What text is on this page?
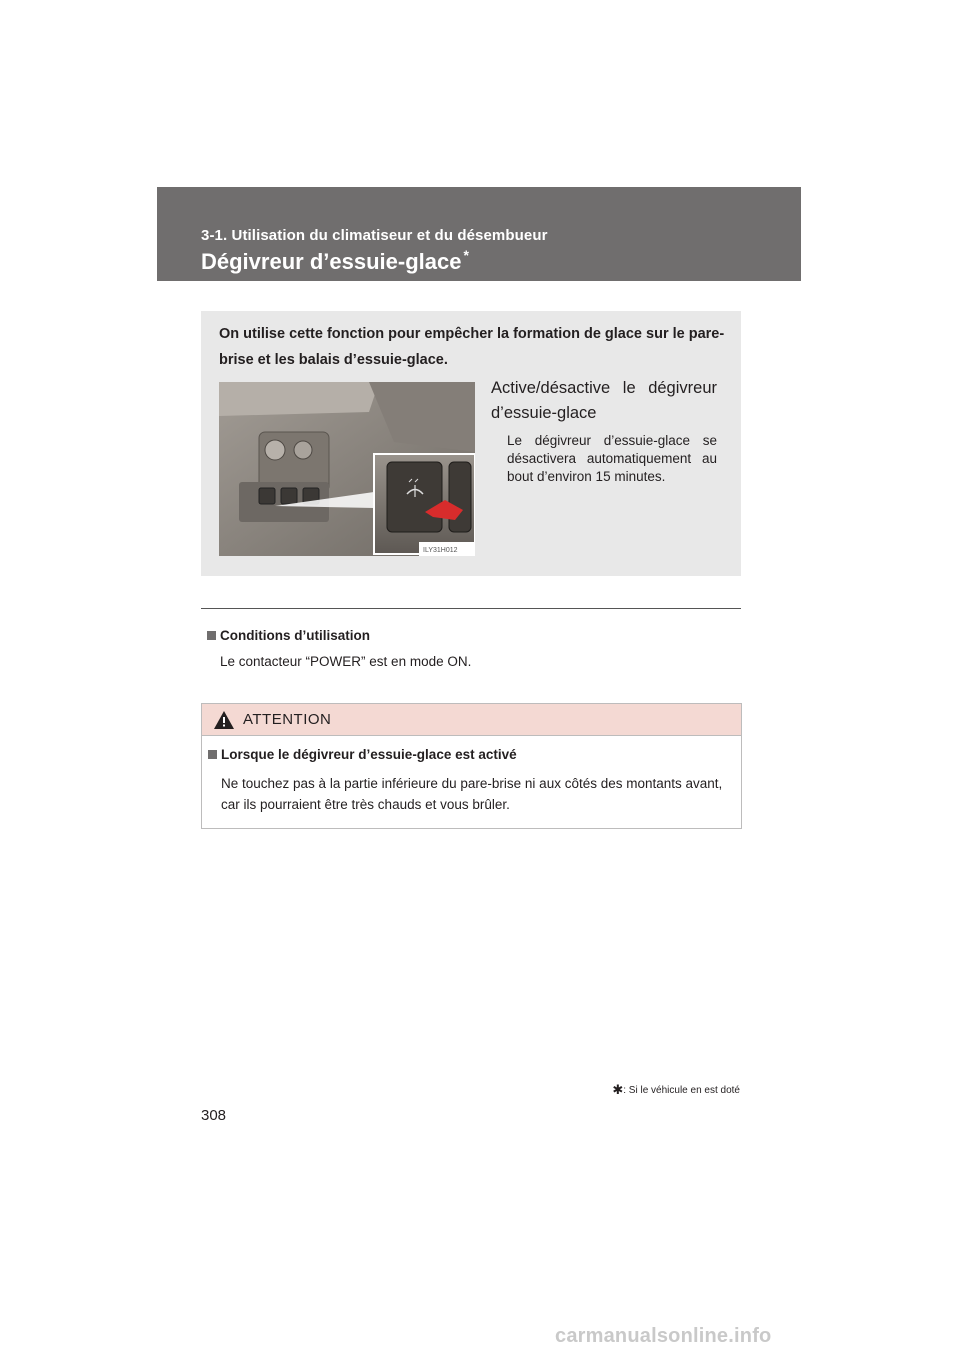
3-1. Utilisation du climatiseur et du désembueur
Dégivreur d’essuie-glace *
On utilise cette fonction pour empêcher la formation de glace sur le pare-brise et les balais d’essuie-glace.
ILY31H012
Active/désactive le dégivreur d’essuie-glace
Le dégivreur d’essuie-glace se désactivera automatiquement au bout d’environ 15 minutes.
Conditions d’utilisation
Le contacteur “POWER” est en mode ON.
ATTENTION
Lorsque le dégivreur d’essuie-glace est activé
Ne touchez pas à la partie inférieure du pare-brise ni aux côtés des montants avant, car ils pourraient être très chauds et vous brûler.
✱: Si le véhicule en est doté
308
carmanualsonline.info
